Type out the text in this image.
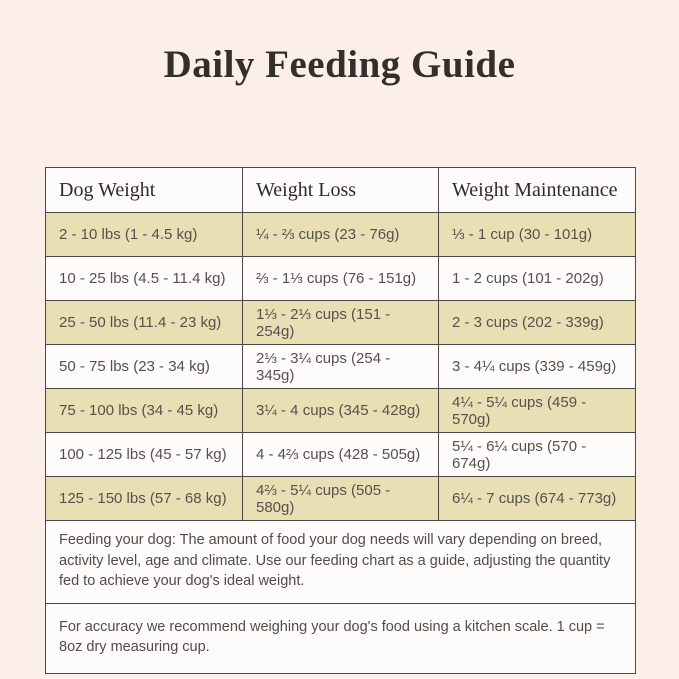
Daily Feeding Guide
Dog Weight	Weight Loss	Weight Maintenance
2 - 10 lbs (1 - 4.5 kg)	¼ - ⅔ cups (23 - 76g)	⅓ - 1 cup (30 - 101g)
10 - 25 lbs (4.5 - 11.4 kg)	⅔ - 1⅓ cups (76 - 151g)	1 - 2 cups (101 - 202g)
25 - 50 lbs (11.4 - 23 kg)	1⅓ - 2⅓ cups (151 - 254g)	2 - 3 cups (202 - 339g)
50 - 75 lbs (23 - 34 kg)	2⅓ - 3¼ cups (254 - 345g)	3 - 4¼ cups (339 - 459g)
75 - 100 lbs (34 - 45 kg)	3¼ - 4 cups (345 - 428g)	4¼ - 5¼ cups (459 - 570g)
100 - 125 lbs (45 - 57 kg)	4 - 4⅔ cups (428 - 505g)	5¼ - 6¼ cups (570 - 674g)
125 - 150 lbs (57 - 68 kg)	4⅔ - 5¼ cups (505 - 580g)	6¼ - 7 cups (674 - 773g)
Feeding your dog: The amount of food your dog needs will vary depending on breed, activity level, age and climate. Use our feeding chart as a guide, adjusting the quantity fed to achieve your dog's ideal weight.		
For accuracy we recommend weighing your dog's food using a kitchen scale. 1 cup = 8oz dry measuring cup.		
